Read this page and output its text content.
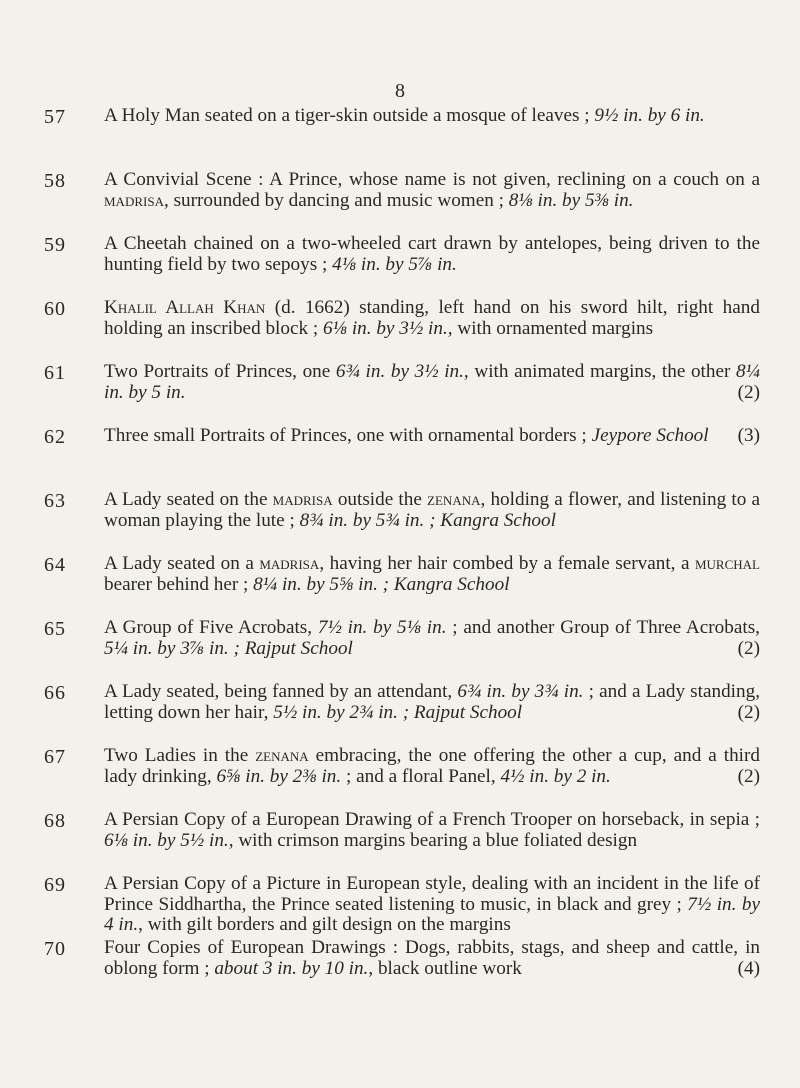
8
57 A Holy Man seated on a tiger-skin outside a mosque of leaves ; 9½ in. by 6 in.
58 A Convivial Scene : A Prince, whose name is not given, reclining on a couch on a madrisa, surrounded by dancing and music women ; 8⅛ in. by 5⅜ in.
59 A Cheetah chained on a two-wheeled cart drawn by antelopes, being driven to the hunting field by two sepoys ; 4⅛ in. by 5⅞ in.
60 Khalil Allah Khan (d. 1662) standing, left hand on his sword hilt, right hand holding an inscribed block ; 6⅛ in. by 3½ in., with ornamented margins
61 Two Portraits of Princes, one 6¾ in. by 3½ in., with animated margins, the other 8¼ in. by 5 in.	(2)
62 Three small Portraits of Princes, one with ornamental borders ; Jeypore School (3)
63 A Lady seated on the madrisa outside the zenana, holding a flower, and listening to a woman playing the lute ; 8¾ in. by 5¾ in. ; Kangra School
64 A Lady seated on a madrisa, having her hair combed by a female servant, a murchal bearer behind her ; 8¼ in. by 5⅝ in. ; Kangra School
65 A Group of Five Acrobats, 7½ in. by 5⅛ in. ; and another Group of Three Acrobats, 5¼ in. by 3⅞ in. ; Rajput School	(2)
66 A Lady seated, being fanned by an attendant, 6¾ in. by 3¾ in. ; and a Lady standing, letting down her hair, 5½ in. by 2¾ in. ; Rajput School	(2)
67 Two Ladies in the zenana embracing, the one offering the other a cup, and a third lady drinking, 6⅝ in. by 2⅜ in. ; and a floral Panel, 4½ in. by 2 in.	(2)
68 A Persian Copy of a European Drawing of a French Trooper on horseback, in sepia ; 6⅛ in. by 5½ in., with crimson margins bearing a blue foliated design
69 A Persian Copy of a Picture in European style, dealing with an incident in the life of Prince Siddhartha, the Prince seated listening to music, in black and grey ; 7½ in. by 4 in., with gilt borders and gilt design on the margins
70 Four Copies of European Drawings : Dogs, rabbits, stags, and sheep and cattle, in oblong form ; about 3 in. by 10 in., black outline work	(4)
